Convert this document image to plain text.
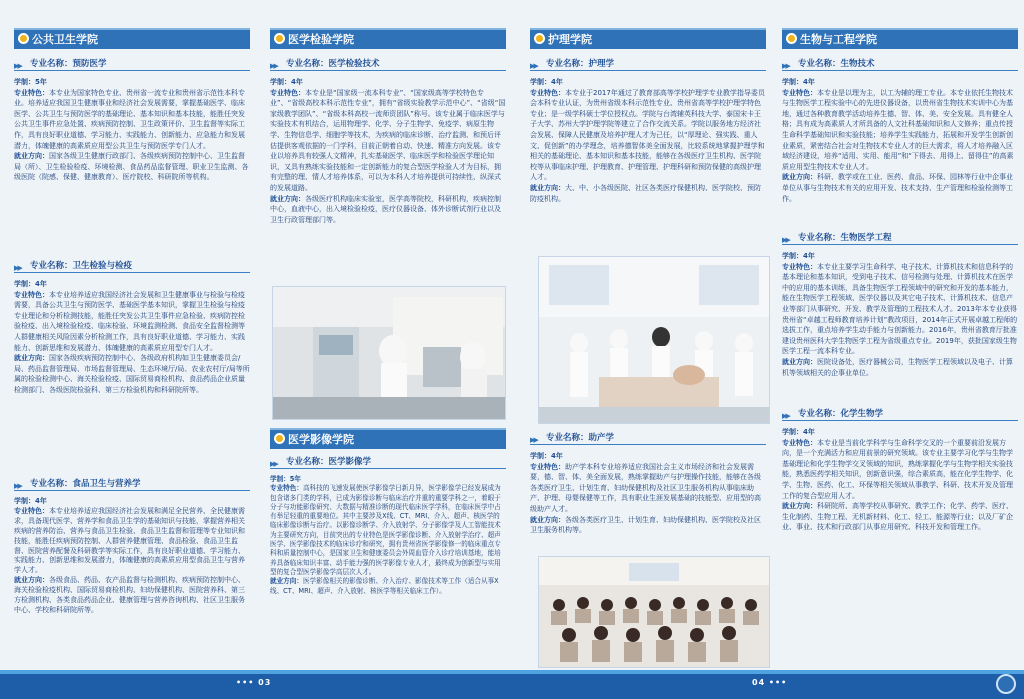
公共卫生学院
▶▶ 专业名称：预防医学

学制：5年

专业特色：本专业为国家特色专业、贵州省一流专业和贵州省示范性本科专业。培养适应我国卫生健康事业和经济社会发展需要，掌握基础医学、临床医学、公共卫生与预防医学的基础理论、基本知识和基本技能，能胜任突发公共卫生事件应急处置、疾病预防控制、卫生政策评价、卫生监督等实际工作，具有良好职业道德、学习能力、实践能力、创新能力、应急能力和发展潜力，体魄健康的高素质应用型公共卫生与预防医学专门人才。

就业方向：国家各级卫生健康行政部门、各级疾病预防控制中心、卫生监督局（所）、卫生检验检疫、环境检测、食品药品监督管理、职业卫生监测、各级医院（院感、保健、健康教育）、医疗院校、科研院所等机构。

▶▶ 专业名称：卫生检验与检疫

学制：4年

专业特色：本专业培养适应我国经济社会发展和卫生健康事业与检验与检疫需要，具备公共卫生与预防医学、基础医学基本知识，掌握卫生检验与检疫专业理论和分析检测技能，能胜任突发公共卫生事件应急检验、疾病防控检验检疫、出入境检验检疫、临床检验、环境监测检测、食品安全监督检测等人群健康相关风险因素分析检测工作，具有良好职业道德、学习能力、实践能力、创新思维和发展潜力、体魄健康的高素质应用型专门人才。

就业方向：国家各级疾病预防控制中心、各级政府机构如卫生健康委员会/局、药品监督管理局、市场监督管理局、生态环境厅/局、农业农村厅/局等所属的检验检测中心、海关检验检疫、国际贸易商检机构、食品药品企业质量检测部门、各级医院检验科、第三方检验机构和科研院所等。

▶▶ 专业名称：食品卫生与营养学

学制：4年

专业特色：本专业培养适应我国经济社会发展和满足全民营养、全民健康需求，具备现代医学、营养学和食品卫生学的基础知识与技能，掌握营养相关疾病的营养防治、营养与食品卫生检验、食品卫生监督和管理等专业知识和技能，能胜任疾病预防控制、人群营养健康管理、食品检验、食品卫生监督、医院营养配餐及科研教学等实际工作，具有良好职业道德、学习能力、实践能力、创新思维和发展潜力，体魄健康的高素质应用型食品卫生与营养学人才。

就业方向：各级食品、药品、农产品监督与检测机构、疾病预防控制中心、海关检验检疫机构、国际贸易商检机构、妇幼保健机构、医院营养科、第三方检测机构、各类食品药品企业、健康管理与营养咨询机构、社区卫生服务中心、学校和科研院所等。

医学检验学院
▶▶ 专业名称：医学检验技术

学制：4年

专业特色：本专业是“国家级一流本科专业”、“国家级高等学校特色专业”、“省级高校本科示范性专业”，拥有“省级实验教学示范中心”、“省级“国家级教学团队”、“省级本科高校一流师资团队”称号。该专业属于临床医学与实验技术有机结合，运用物理学、化学、分子生物学、免疫学、病原生物学、生物信息学、细胞学等技术，为疾病的临床诊断、治疗监测、和预后评估提供客观依据的一门学科，目前正朝着自动、快速、精准方向发展。该专业以培养具有较强人文精神，扎实基础医学、临床医学和检验医学理论知识，又具有熟练实验技能和一定创新能力的复合型医学检验人才为目标，拥有完整的理、情人才培养体系，可以为本科人才培养提供可持续性、纵深式的发展道路。

就业方向：各级医疗机构临床实验室，医学高等院校，科研机构，疾病控制中心，血液中心，出入境检验检疫，医疗仪器设备、体外诊断试剂行业以及卫生行政管理部门等。

医学影像学院
▶▶ 专业名称：医学影像学

学制：5年

专业特色：高科技的飞速发展使医学影像学日新月异，医学影像学已经发展成为包含诸多门类的学科，已成为影像诊断与临床治疗并重的重要学科之一，着眼于分子与功能影像研究、大数据与精准诊断的现代临床医学学科，在临床医学中占有举足轻重的重要地位。其中主要涉及X线、CT、MRI、介入、超声、核医学的临床影像诊断与治疗。以影像诊断学、介入放射学、分子影像学及人工智能技术为主要研究方向，目前突出的专业特色是医学影像诊断、介入放射学治疗、超声医学、医学影像技术的临床诊疗和研究，拥有贵州省医学影像修一的临床重点专科和质量控制中心，是国家卫生和健康委员会外周血管介入诊疗培训基地，能培养具备临床知识丰富、动手能力强的医学影像专业人才，最终成为创新型与实用型的复合型医学影像学高层次人才。

就业方向：医学影像相关的影像诊断、介入治疗、影像技术等工作（适合从事X线、CT、MRI、超声、介入放射、核医学等相关临床工作）。

护理学院
▶▶ 专业名称：护理学

学制：4年

专业特色：本专业于2017年通过了教育部高等学校护理学专业教学指导委员会本科专业认证，为贵州省级本科示范性专业、贵州省高等学校护理学特色专业；是一级学科硕士学位授权点。学院与台湾辅英科技大学、泰国宋卡王子大学、苏州大学护理学院等建立了合作交流关系。学院以服务地方经济社会发展、保障人民健康及培养护理人才为己任，以“厚理论、强实践、重人文、促创新”的办学理念，培养德智体美全面发展，比较系统地掌握护理学和相关的基础理论、基本知识和基本技能，能够在各级医疗卫生机构、医学院校等从事临床护理、护理教育、护理管理、护理科研和预防保健的高级护理人才。

就业方向：大、中、小各级医院、社区各类医疗保健机构、医学院校、预防防疫机构。

▶▶ 专业名称：助产学

学制：4年

专业特色：助产学本科专业培养适应我国社会主义市场经济和社会发展需要，德、智、体、美全面发展，熟练掌握助产与护理操作技能，能够在各级各类医疗卫生、计划生育、妇幼保健机构及社区卫生服务机构从事临床助产、护理、母婴保健等工作，具有职业生涯发展基础的技能型、应用型的高级助产人才。

就业方向：各级各类医疗卫生、计划生育、妇幼保健机构、医学院校及社区卫生服务机构等。

生物与工程学院
▶▶ 专业名称：生物技术

学制：4年

专业特色：本专业是以理为主，以工为辅的理工专业。本专业依托生物技术与生物医学工程实验中心的先进仪器设备，以贵州省生物技术实训中心为基地，通过各种教育教学活动培养生德、智、体、美、安全发展。具有健全人格；具有成为高素质人才所具备的人文社科基础知识和人文修养；重点传授生命科学基础知识和实验技能；培养学生实践能力，拓展和开发学生创新创业素质，紧密结合社会对生物技术专业人才的巨大需求，将人才培养融入区域经济建设，培养“适用、实用、能用”和“下得去、用得上、留得住”的高素质应用型生物技术专业人才。

就业方向：科研、教学或在工业、医药、食品、环保、园林等行业中企事业单位从事与生物技术有关的应用开发、技术支持、生产管理和检验检测等工作。

▶▶ 专业名称：生物医学工程

学制：4年

专业特色：本专业主要学习生命科学、电子技术、计算机技术和信息科学的基本理论和基本知识，受到电子技术、信号检测与处理、计算机技术在医学中的应用的基本训练，具备生物医学工程领域中的研究和开发的基本能力，能在生物医学工程领域、医学仪器以及其它电子技术、计算机技术、信息产业等部门从事研究、开发、教学及管理的工程技术人才。2013年本专业获得贵州省“卓越工程师教育培养计划”教改项目，2014年正式开展卓越工程师的选拔工作，重点培养学生动手能力与创新能力。2016年，贵州省教育厅批准建设贵州医科大学生物医学工程为省级重点专业。2019年，获批国家级生物医学工程一流本科专业。

就业方向：医院设备处，医疗器械公司，生物医学工程领域以及电子、计算机等领域相关的企事业单位。

▶▶ 专业名称：化学生物学

学制：4年

专业特色：本专业是当前化学科学与生命科学交叉的一个重要前沿发展方向，是一个充满活力和应用前景的研究领域。该专业主要学习化学与生物学基础理论和化学生物学交叉领域的知识，熟练掌握化学与生物学相关实验技能，熟悉医药学相关知识，创新意识强，综合素质高，能在化学生物学、化学、生物、医药、化工、环保等相关领域从事教学、科研、技术开发及管理工作的复合型应用人才。

就业方向：科研院所、高等学校从事研究、教学工作；化学、药学、医疗、生化制药、生物工程、无机新材料、化工、轻工、能源等行业；以及厂矿企业、事业、技术和行政部门从事应用研究、科技开发和管理工作。

••• 03	04 •••
